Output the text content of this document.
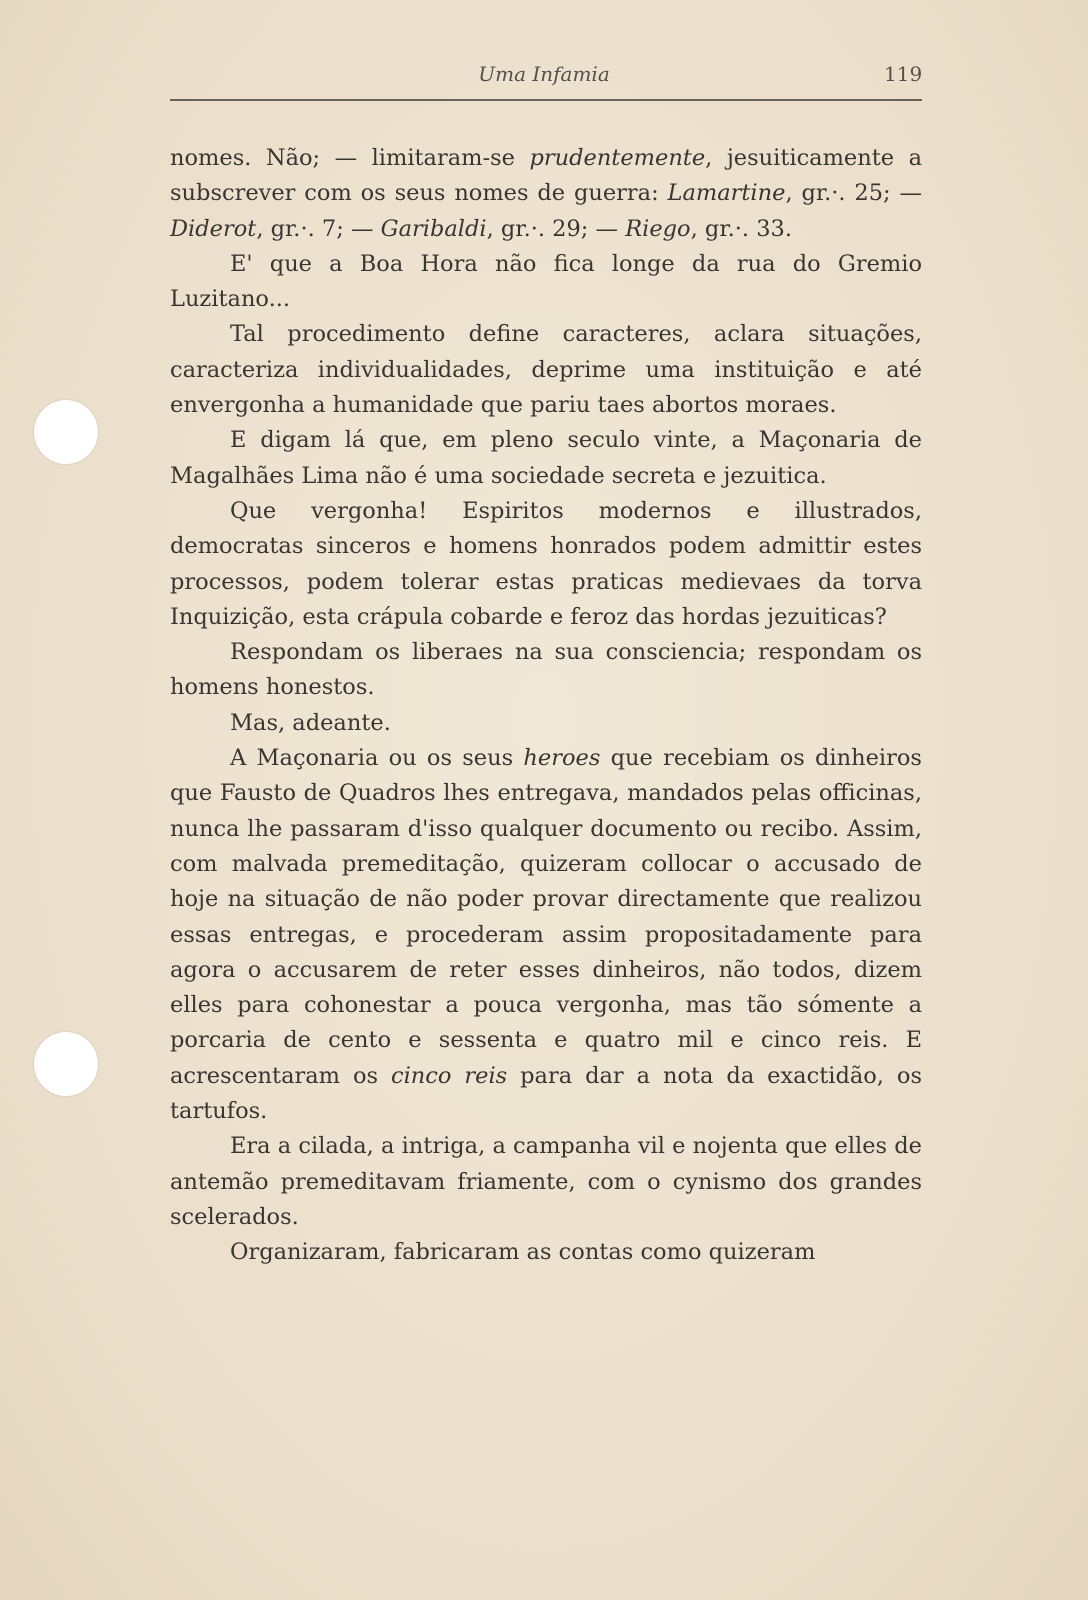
Uma Infamia	119

nomes. Não; — limitaram-se prudentemente, jesuiticamente a subscrever com os seus nomes de guerra: Lamartine, gr.·. 25; — Diderot, gr.·. 7; — Garibaldi, gr.·. 29; — Riego, gr.·. 33.

E' que a Boa Hora não fica longe da rua do Gremio Luzitano...

Tal procedimento define caracteres, aclara situações, caracteriza individualidades, deprime uma instituição e até envergonha a humanidade que pariu taes abortos moraes.

E digam lá que, em pleno seculo vinte, a Maçonaria de Magalhães Lima não é uma sociedade secreta e jezuitica.

Que vergonha! Espiritos modernos e illustrados, democratas sinceros e homens honrados podem admittir estes processos, podem tolerar estas praticas medievaes da torva Inquizição, esta crápula cobarde e feroz das hordas jezuiticas?

Respondam os liberaes na sua consciencia; respondam os homens honestos.

Mas, adeante.

A Maçonaria ou os seus heroes que recebiam os dinheiros que Fausto de Quadros lhes entregava, mandados pelas officinas, nunca lhe passaram d'isso qualquer documento ou recibo. Assim, com malvada premeditação, quizeram collocar o accusado de hoje na situação de não poder provar directamente que realizou essas entregas, e procederam assim propositadamente para agora o accusarem de reter esses dinheiros, não todos, dizem elles para cohonestar a pouca vergonha, mas tão sómente a porcaria de cento e sessenta e quatro mil e cinco reis. E acrescentaram os cinco reis para dar a nota da exactidão, os tartufos.

Era a cilada, a intriga, a campanha vil e nojenta que elles de antemão premeditavam friamente, com o cynismo dos grandes scelerados.

Organizaram, fabricaram as contas como quizeram
